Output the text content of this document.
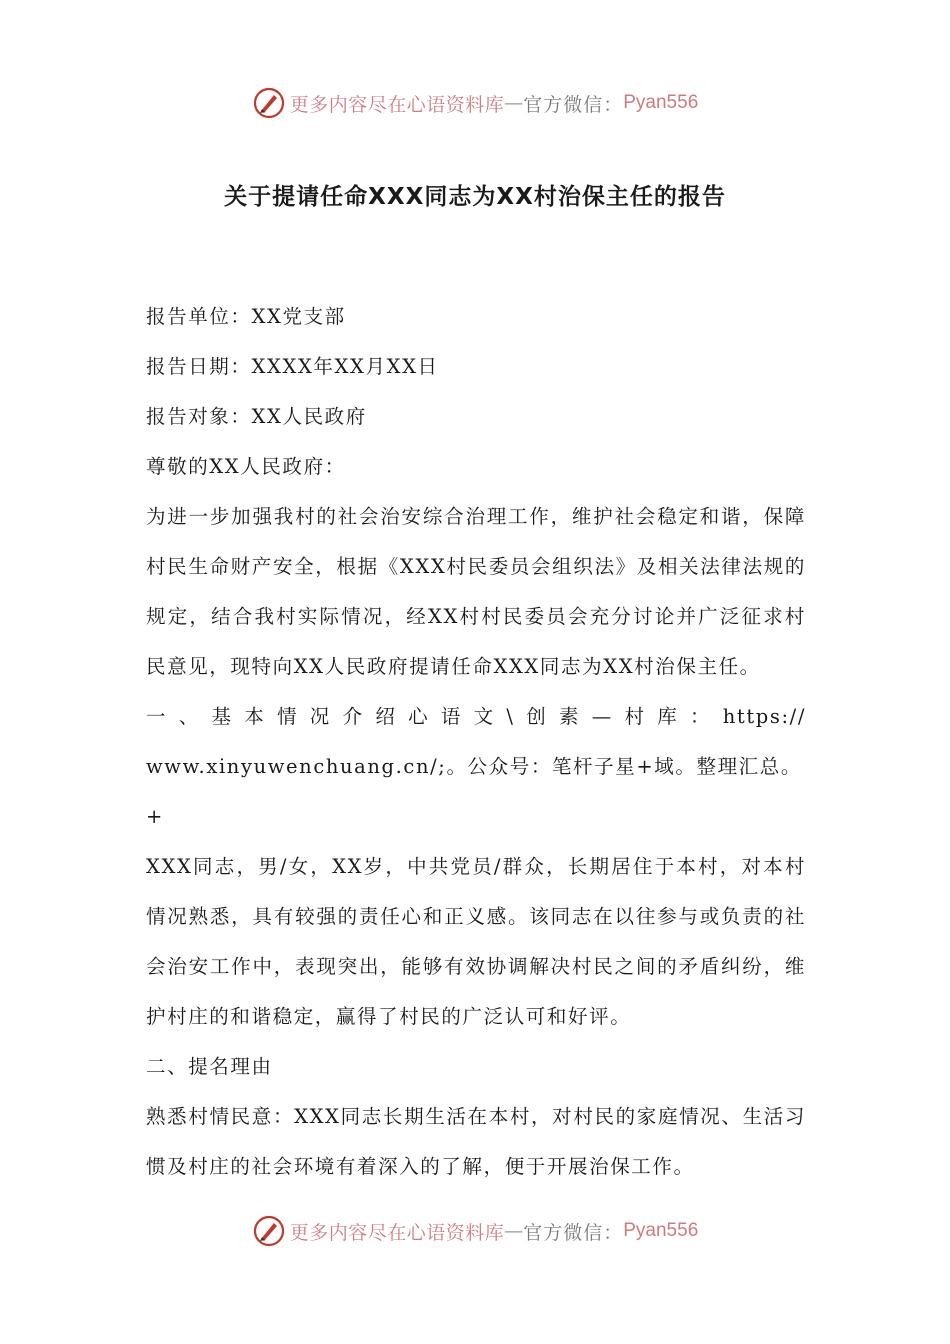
更多内容尽在心语资料库 — 官方微信： Pyan556
关于提请任命XXX同志为XX村治保主任的报告

报告单位：XX党支部

报告日期：XXXX年XX月XX日

报告对象：XX人民政府

尊敬的XX人民政府：

为进一步加强我村的社会治安综合治理工作，维护社会稳定和谐，保障村民生命财产安全，根据《XXX村民委员会组织法》及相关法律法规的规定，结合我村实际情况，经XX村村民委员会充分讨论并广泛征求村民意见，现特向XX人民政府提请任命XXX同志为XX村治保主任。

一、基本情况介绍心语文\创素—村库：https://

www.xinyuwenchuang.cn/;。公众号：笔杆子星+域。整理汇总。+

XXX同志，男/女，XX岁，中共党员/群众，长期居住于本村，对本村情况熟悉，具有较强的责任心和正义感。该同志在以往参与或负责的社会治安工作中，表现突出，能够有效协调解决村民之间的矛盾纠纷，维护村庄的和谐稳定，赢得了村民的广泛认可和好评。

二、提名理由

熟悉村情民意：XXX同志长期生活在本村，对村民的家庭情况、生活习惯及村庄的社会环境有着深入的了解，便于开展治保工作。

更多内容尽在心语资料库 — 官方微信： Pyan556
